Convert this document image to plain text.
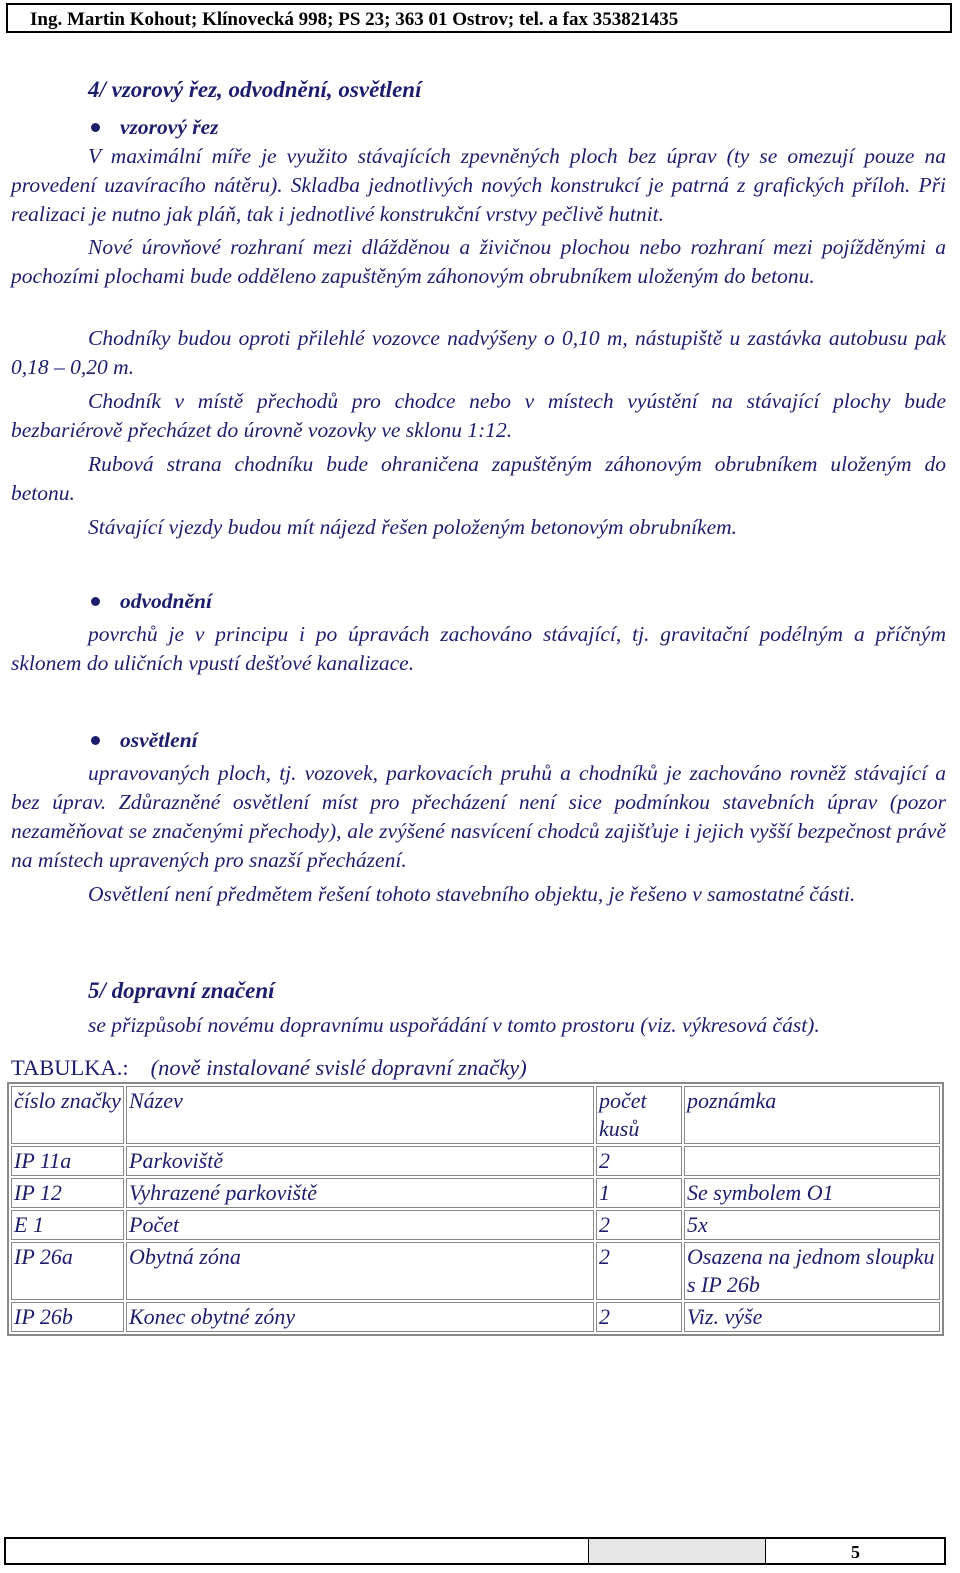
Ing. Martin Kohout; Klínovecká 998; PS 23; 363 01 Ostrov; tel. a fax 353821435
4/ vzorový řez, odvodnění, osvětlení
vzorový řez

V maximální míře je využito stávajících zpevněných ploch bez úprav (ty se omezují pouze na provedení uzavíracího nátěru). Skladba jednotlivých nových konstrukcí je patrná z grafických příloh. Při realizaci je nutno jak pláň, tak i jednotlivé konstrukční vrstvy pečlivě hutnit.

Nové úrovňové rozhraní mezi dlážděnou a živičnou plochou nebo rozhraní mezi pojížděnými a pochozími plochami bude odděleno zapuštěným záhonovým obrubníkem uloženým do betonu.

Chodníky budou oproti přilehlé vozovce nadvýšeny o 0,10 m, nástupiště u zastávka autobusu pak 0,18 – 0,20 m.

Chodník v místě přechodů pro chodce nebo v místech vyústění na stávající plochy bude bezbariérově přecházet do úrovně vozovky ve sklonu 1:12.

Rubová strana chodníku bude ohraničena zapuštěným záhonovým obrubníkem uloženým do betonu.

Stávající vjezdy budou mít nájezd řešen položeným betonovým obrubníkem.

odvodnění

povrchů je v principu i po úpravách zachováno stávající, tj. gravitační podélným a příčným sklonem do uličních vpustí dešťové kanalizace.

osvětlení

upravovaných ploch, tj. vozovek, parkovacích pruhů a chodníků je zachováno rovněž stávající a bez úprav. Zdůrazněné osvětlení míst pro přecházení není sice podmínkou stavebních úprav (pozor nezaměňovat se značenými přechody), ale zvýšené nasvícení chodců zajišťuje i jejich vyšší bezpečnost právě na místech upravených pro snazší přecházení.

Osvětlení není předmětem řešení tohoto stavebního objektu, je řešeno v samostatné části.

5/ dopravní značení

se přizpůsobí novému dopravnímu uspořádání v tomto prostoru (viz. výkresová část).

TABULKA.: (nově instalované svislé dopravní značky)
číslo značky	Název	počet kusů	poznámka
IP 11a	Parkoviště	2	
IP 12	Vyhrazené parkoviště	1	Se symbolem O1
E 1	Počet	2	5x
IP 26a	Obytná zóna	2	Osazena na jednom sloupku s IP 26b
IP 26b	Konec obytné zóny	2	Viz. výše
5
